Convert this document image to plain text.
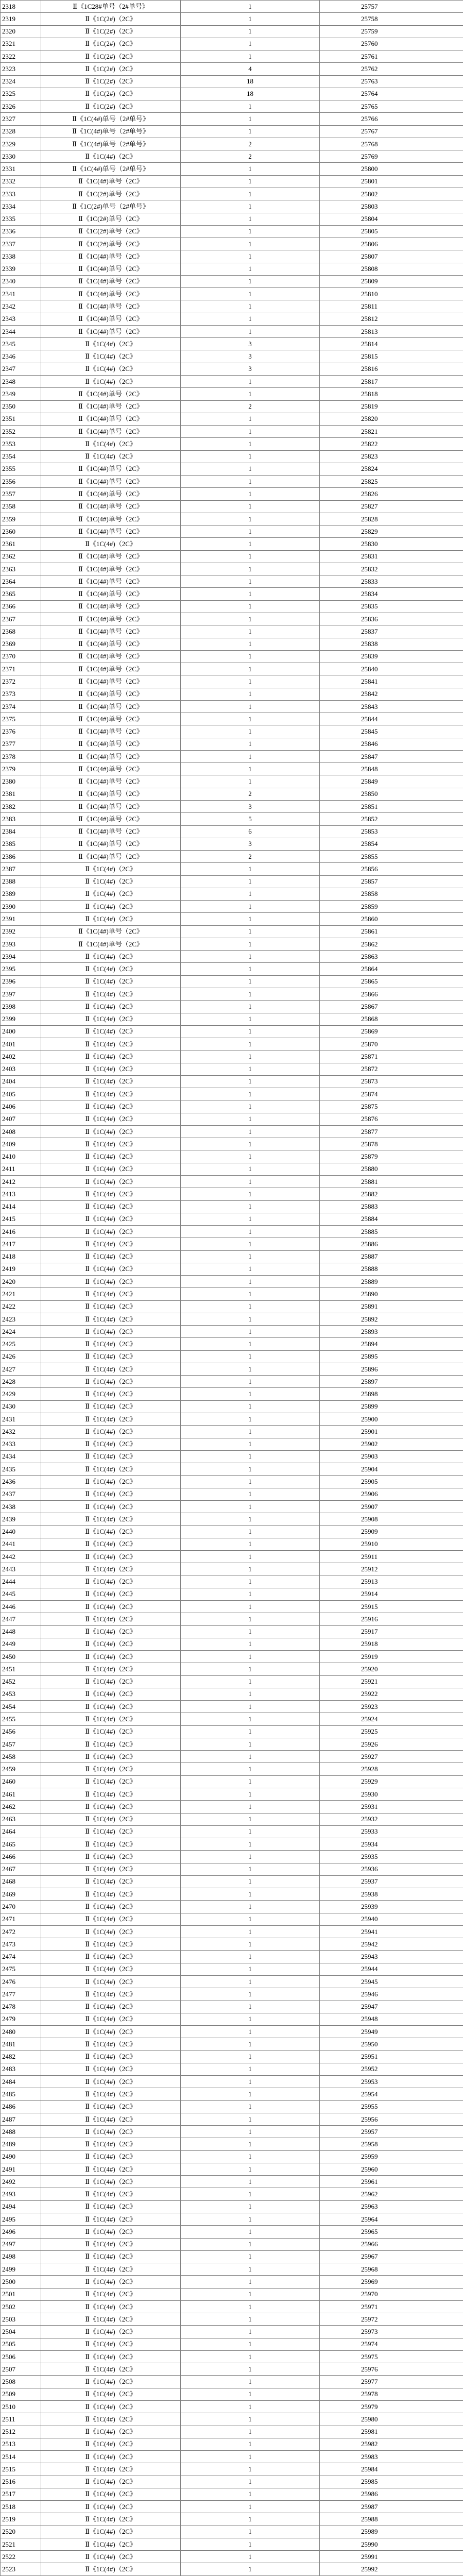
2318	Ⅱ《1C28#单号（2#单号》	1	25757
2319	Ⅱ《1C(2#)（2C》	1	25758
2320	Ⅱ《1C(2#)（2C》	1	25759
2321	Ⅱ《1C(2#)（2C》	1	25760
2322	Ⅱ《1C(2#)（2C》	1	25761
2323	Ⅱ《1C(2#)（2C》	4	25762
2324	Ⅱ《1C(2#)（2C》	18	25763
2325	Ⅱ《1C(2#)（2C》	18	25764
2326	Ⅱ《1C(2#)（2C》	1	25765
2327	Ⅱ《1C(4#)单号（2#单号》	1	25766
2328	Ⅱ《1C(4#)单号（2#单号》	1	25767
2329	Ⅱ《1C(4#)单号（2#单号》	2	25768
2330	Ⅱ《1C(4#)（2C》	2	25769
2331	Ⅱ《1C(4#)单号（2#单号》	1	25800
2332	Ⅱ《1C(4#)单号（2C》	1	25801
2333	Ⅱ《1C(2#)单号（2C》	1	25802
2334	Ⅱ《1C(2#)单号（2#单号》	1	25803
2335	Ⅱ《1C(2#)单号（2C》	1	25804
2336	Ⅱ《1C(2#)单号（2C》	1	25805
2337	Ⅱ《1C(2#)单号（2C》	1	25806
2338	Ⅱ《1C(4#)单号（2C》	1	25807
2339	Ⅱ《1C(4#)单号（2C》	1	25808
2340	Ⅱ《1C(4#)单号（2C》	1	25809
2341	Ⅱ《1C(4#)单号（2C》	1	25810
2342	Ⅱ《1C(4#)单号（2C》	1	25811
2343	Ⅱ《1C(4#)单号（2C》	1	25812
2344	Ⅱ《1C(4#)单号（2C》	1	25813
2345	Ⅱ《1C(4#)（2C》	3	25814
2346	Ⅱ《1C(4#)（2C》	3	25815
2347	Ⅱ《1C(4#)（2C》	3	25816
2348	Ⅱ《1C(4#)（2C》	1	25817
2349	Ⅱ《1C(4#)单号（2C》	1	25818
2350	Ⅱ《1C(4#)单号（2C》	2	25819
2351	Ⅱ《1C(4#)单号（2C》	1	25820
2352	Ⅱ《1C(4#)单号（2C》	1	25821
2353	Ⅱ《1C(4#)（2C》	1	25822
2354	Ⅱ《1C(4#)（2C》	1	25823
2355	Ⅱ《1C(4#)单号（2C》	1	25824
2356	Ⅱ《1C(4#)单号（2C》	1	25825
2357	Ⅱ《1C(4#)单号（2C》	1	25826
2358	Ⅱ《1C(4#)单号（2C》	1	25827
2359	Ⅱ《1C(4#)单号（2C》	1	25828
2360	Ⅱ《1C(4#)单号（2C》	1	25829
2361	Ⅱ《1C(4#)（2C》	1	25830
2362	Ⅱ《1C(4#)单号（2C》	1	25831
2363	Ⅱ《1C(4#)单号（2C》	1	25832
2364	Ⅱ《1C(4#)单号（2C》	1	25833
2365	Ⅱ《1C(4#)单号（2C》	1	25834
2366	Ⅱ《1C(4#)单号（2C》	1	25835
2367	Ⅱ《1C(4#)单号（2C》	1	25836
2368	Ⅱ《1C(4#)单号（2C》	1	25837
2369	Ⅱ《1C(4#)单号（2C》	1	25838
2370	Ⅱ《1C(4#)单号（2C》	1	25839
2371	Ⅱ《1C(4#)单号（2C》	1	25840
2372	Ⅱ《1C(4#)单号（2C》	1	25841
2373	Ⅱ《1C(4#)单号（2C》	1	25842
2374	Ⅱ《1C(4#)单号（2C》	1	25843
2375	Ⅱ《1C(4#)单号（2C》	1	25844
2376	Ⅱ《1C(4#)单号（2C》	1	25845
2377	Ⅱ《1C(4#)单号（2C》	1	25846
2378	Ⅱ《1C(4#)单号（2C》	1	25847
2379	Ⅱ《1C(4#)单号（2C》	1	25848
2380	Ⅱ《1C(4#)单号（2C》	1	25849
2381	Ⅱ《1C(4#)单号（2C》	2	25850
2382	Ⅱ《1C(4#)单号（2C》	3	25851
2383	Ⅱ《1C(4#)单号（2C》	5	25852
2384	Ⅱ《1C(4#)单号（2C》	6	25853
2385	Ⅱ《1C(4#)单号（2C》	3	25854
2386	Ⅱ《1C(4#)单号（2C》	2	25855
2387	Ⅱ《1C(4#)（2C》	1	25856
2388	Ⅱ《1C(4#)（2C》	1	25857
2389	Ⅱ《1C(4#)（2C》	1	25858
2390	Ⅱ《1C(4#)（2C》	1	25859
2391	Ⅱ《1C(4#)（2C》	1	25860
2392	Ⅱ《1C(4#)单号（2C》	1	25861
2393	Ⅱ《1C(4#)单号（2C》	1	25862
2394	Ⅱ《1C(4#)（2C》	1	25863
2395	Ⅱ《1C(4#)（2C》	1	25864
2396	Ⅱ《1C(4#)（2C》	1	25865
2397	Ⅱ《1C(4#)（2C》	1	25866
2398	Ⅱ《1C(4#)（2C》	1	25867
2399	Ⅱ《1C(4#)（2C》	1	25868
2400	Ⅱ《1C(4#)（2C》	1	25869
2401	Ⅱ《1C(4#)（2C》	1	25870
2402	Ⅱ《1C(4#)（2C》	1	25871
2403	Ⅱ《1C(4#)（2C》	1	25872
2404	Ⅱ《1C(4#)（2C》	1	25873
2405	Ⅱ《1C(4#)（2C》	1	25874
2406	Ⅱ《1C(4#)（2C》	1	25875
2407	Ⅱ《1C(4#)（2C》	1	25876
2408	Ⅱ《1C(4#)（2C》	1	25877
2409	Ⅱ《1C(4#)（2C》	1	25878
2410	Ⅱ《1C(4#)（2C》	1	25879
2411	Ⅱ《1C(4#)（2C》	1	25880
2412	Ⅱ《1C(4#)（2C》	1	25881
2413	Ⅱ《1C(4#)（2C》	1	25882
2414	Ⅱ《1C(4#)（2C》	1	25883
2415	Ⅱ《1C(4#)（2C》	1	25884
2416	Ⅱ《1C(4#)（2C》	1	25885
2417	Ⅱ《1C(4#)（2C》	1	25886
2418	Ⅱ《1C(4#)（2C》	1	25887
2419	Ⅱ《1C(4#)（2C》	1	25888
2420	Ⅱ《1C(4#)（2C》	1	25889
2421	Ⅱ《1C(4#)（2C》	1	25890
2422	Ⅱ《1C(4#)（2C》	1	25891
2423	Ⅱ《1C(4#)（2C》	1	25892
2424	Ⅱ《1C(4#)（2C》	1	25893
2425	Ⅱ《1C(4#)（2C》	1	25894
2426	Ⅱ《1C(4#)（2C》	1	25895
2427	Ⅱ《1C(4#)（2C》	1	25896
2428	Ⅱ《1C(4#)（2C》	1	25897
2429	Ⅱ《1C(4#)（2C》	1	25898
2430	Ⅱ《1C(4#)（2C》	1	25899
2431	Ⅱ《1C(4#)（2C》	1	25900
2432	Ⅱ《1C(4#)（2C》	1	25901
2433	Ⅱ《1C(4#)（2C》	1	25902
2434	Ⅱ《1C(4#)（2C》	1	25903
2435	Ⅱ《1C(4#)（2C》	1	25904
2436	Ⅱ《1C(4#)（2C》	1	25905
2437	Ⅱ《1C(4#)（2C》	1	25906
2438	Ⅱ《1C(4#)（2C》	1	25907
2439	Ⅱ《1C(4#)（2C》	1	25908
2440	Ⅱ《1C(4#)（2C》	1	25909
2441	Ⅱ《1C(4#)（2C》	1	25910
2442	Ⅱ《1C(4#)（2C》	1	25911
2443	Ⅱ《1C(4#)（2C》	1	25912
2444	Ⅱ《1C(4#)（2C》	1	25913
2445	Ⅱ《1C(4#)（2C》	1	25914
2446	Ⅱ《1C(4#)（2C》	1	25915
2447	Ⅱ《1C(4#)（2C》	1	25916
2448	Ⅱ《1C(4#)（2C》	1	25917
2449	Ⅱ《1C(4#)（2C》	1	25918
2450	Ⅱ《1C(4#)（2C》	1	25919
2451	Ⅱ《1C(4#)（2C》	1	25920
2452	Ⅱ《1C(4#)（2C》	1	25921
2453	Ⅱ《1C(4#)（2C》	1	25922
2454	Ⅱ《1C(4#)（2C》	1	25923
2455	Ⅱ《1C(4#)（2C》	1	25924
2456	Ⅱ《1C(4#)（2C》	1	25925
2457	Ⅱ《1C(4#)（2C》	1	25926
2458	Ⅱ《1C(4#)（2C》	1	25927
2459	Ⅱ《1C(4#)（2C》	1	25928
2460	Ⅱ《1C(4#)（2C》	1	25929
2461	Ⅱ《1C(4#)（2C》	1	25930
2462	Ⅱ《1C(4#)（2C》	1	25931
2463	Ⅱ《1C(4#)（2C》	1	25932
2464	Ⅱ《1C(4#)（2C》	1	25933
2465	Ⅱ《1C(4#)（2C》	1	25934
2466	Ⅱ《1C(4#)（2C》	1	25935
2467	Ⅱ《1C(4#)（2C》	1	25936
2468	Ⅱ《1C(4#)（2C》	1	25937
2469	Ⅱ《1C(4#)（2C》	1	25938
2470	Ⅱ《1C(4#)（2C》	1	25939
2471	Ⅱ《1C(4#)（2C》	1	25940
2472	Ⅱ《1C(4#)（2C》	1	25941
2473	Ⅱ《1C(4#)（2C》	1	25942
2474	Ⅱ《1C(4#)（2C》	1	25943
2475	Ⅱ《1C(4#)（2C》	1	25944
2476	Ⅱ《1C(4#)（2C》	1	25945
2477	Ⅱ《1C(4#)（2C》	1	25946
2478	Ⅱ《1C(4#)（2C》	1	25947
2479	Ⅱ《1C(4#)（2C》	1	25948
2480	Ⅱ《1C(4#)（2C》	1	25949
2481	Ⅱ《1C(4#)（2C》	1	25950
2482	Ⅱ《1C(4#)（2C》	1	25951
2483	Ⅱ《1C(4#)（2C》	1	25952
2484	Ⅱ《1C(4#)（2C》	1	25953
2485	Ⅱ《1C(4#)（2C》	1	25954
2486	Ⅱ《1C(4#)（2C》	1	25955
2487	Ⅱ《1C(4#)（2C》	1	25956
2488	Ⅱ《1C(4#)（2C》	1	25957
2489	Ⅱ《1C(4#)（2C》	1	25958
2490	Ⅱ《1C(4#)（2C》	1	25959
2491	Ⅱ《1C(4#)（2C》	1	25960
2492	Ⅱ《1C(4#)（2C》	1	25961
2493	Ⅱ《1C(4#)（2C》	1	25962
2494	Ⅱ《1C(4#)（2C》	1	25963
2495	Ⅱ《1C(4#)（2C》	1	25964
2496	Ⅱ《1C(4#)（2C》	1	25965
2497	Ⅱ《1C(4#)（2C》	1	25966
2498	Ⅱ《1C(4#)（2C》	1	25967
2499	Ⅱ《1C(4#)（2C》	1	25968
2500	Ⅱ《1C(4#)（2C》	1	25969
2501	Ⅱ《1C(4#)（2C》	1	25970
2502	Ⅱ《1C(4#)（2C》	1	25971
2503	Ⅱ《1C(4#)（2C》	1	25972
2504	Ⅱ《1C(4#)（2C》	1	25973
2505	Ⅱ《1C(4#)（2C》	1	25974
2506	Ⅱ《1C(4#)（2C》	1	25975
2507	Ⅱ《1C(4#)（2C》	1	25976
2508	Ⅱ《1C(4#)（2C》	1	25977
2509	Ⅱ《1C(4#)（2C》	1	25978
2510	Ⅱ《1C(4#)（2C》	1	25979
2511	Ⅱ《1C(4#)（2C》	1	25980
2512	Ⅱ《1C(4#)（2C》	1	25981
2513	Ⅱ《1C(4#)（2C》	1	25982
2514	Ⅱ《1C(4#)（2C》	1	25983
2515	Ⅱ《1C(4#)（2C》	1	25984
2516	Ⅱ《1C(4#)（2C》	1	25985
2517	Ⅱ《1C(4#)（2C》	1	25986
2518	Ⅱ《1C(4#)（2C》	1	25987
2519	Ⅱ《1C(4#)（2C》	1	25988
2520	Ⅱ《1C(4#)（2C》	1	25989
2521	Ⅱ《1C(4#)（2C》	1	25990
2522	Ⅱ《1C(4#)（2C》	1	25991
2523	Ⅱ《1C(4#)（2C》	1	25992
